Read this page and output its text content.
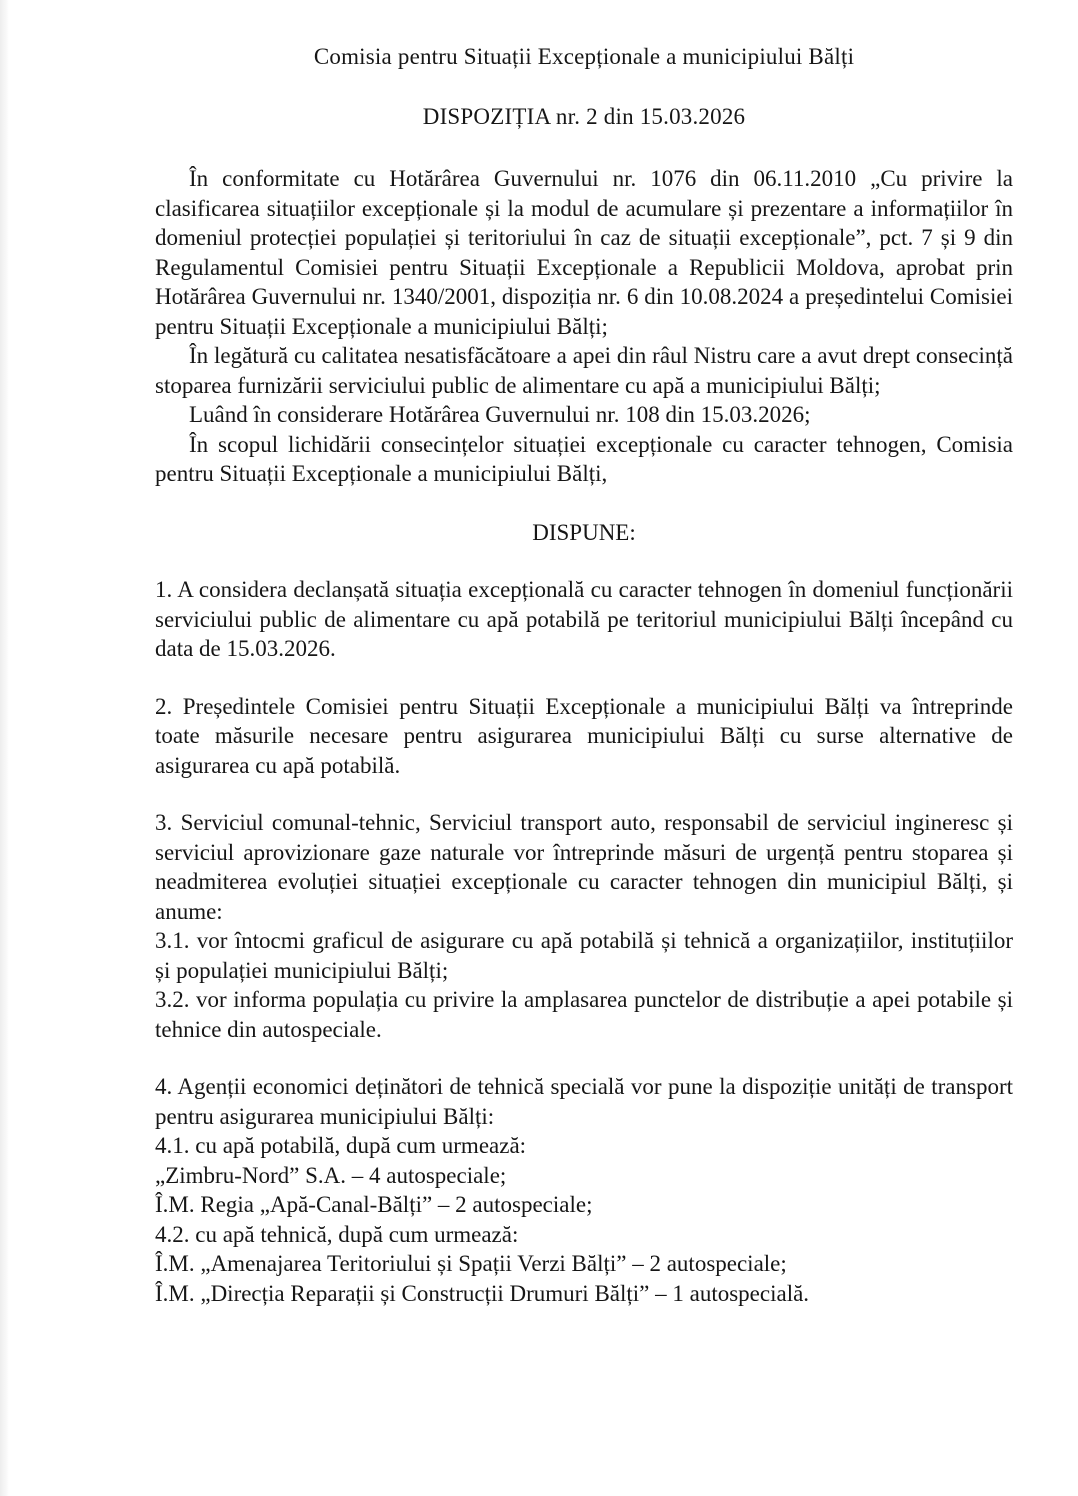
Comisia pentru Situații Excepționale a municipiului Bălți
DISPOZIȚIA nr. 2 din 15.03.2026

În conformitate cu Hotărârea Guvernului nr. 1076 din 06.11.2010 „Cu privire la clasificarea situațiilor excepționale și la modul de acumulare și prezentare a informațiilor în domeniul protecției populației și teritoriului în caz de situații excepționale”, pct. 7 și 9 din Regulamentul Comisiei pentru Situații Excepționale a Republicii Moldova, aprobat prin Hotărârea Guvernului nr. 1340/2001, dispoziția nr. 6 din 10.08.2024 a președintelui Comisiei pentru Situații Excepționale a municipiului Bălți;

În legătură cu calitatea nesatisfăcătoare a apei din râul Nistru care a avut drept consecință stoparea furnizării serviciului public de alimentare cu apă a municipiului Bălți;

Luând în considerare Hotărârea Guvernului nr. 108 din 15.03.2026;

În scopul lichidării consecințelor situației excepționale cu caracter tehnogen, Comisia pentru Situații Excepționale a municipiului Bălți,

DISPUNE:

1. A considera declanșată situația excepțională cu caracter tehnogen în domeniul funcționării serviciului public de alimentare cu apă potabilă pe teritoriul municipiului Bălți începând cu data de 15.03.2026.

2. Președintele Comisiei pentru Situații Excepționale a municipiului Bălți va întreprinde toate măsurile necesare pentru asigurarea municipiului Bălți cu surse alternative de asigurarea cu apă potabilă.

3. Serviciul comunal-tehnic, Serviciul transport auto, responsabil de serviciul ingineresc și serviciul aprovizionare gaze naturale vor întreprinde măsuri de urgență pentru stoparea și neadmiterea evoluției situației excepționale cu caracter tehnogen din municipiul Bălți, și anume:

3.1. vor întocmi graficul de asigurare cu apă potabilă și tehnică a organizațiilor, instituțiilor și populației municipiului Bălți;

3.2. vor informa populația cu privire la amplasarea punctelor de distribuție a apei potabile și tehnice din autospeciale.

4. Agenții economici deținători de tehnică specială vor pune la dispoziție unități de transport pentru asigurarea municipiului Bălți:

4.1. cu apă potabilă, după cum urmează:

„Zimbru-Nord” S.A. – 4 autospeciale;

Î.M. Regia „Apă-Canal-Bălți” – 2 autospeciale;

4.2. cu apă tehnică, după cum urmează:

Î.M. „Amenajarea Teritoriului și Spații Verzi Bălți” – 2 autospeciale;

Î.M. „Direcția Reparații și Construcții Drumuri Bălți” – 1 autospecială.
